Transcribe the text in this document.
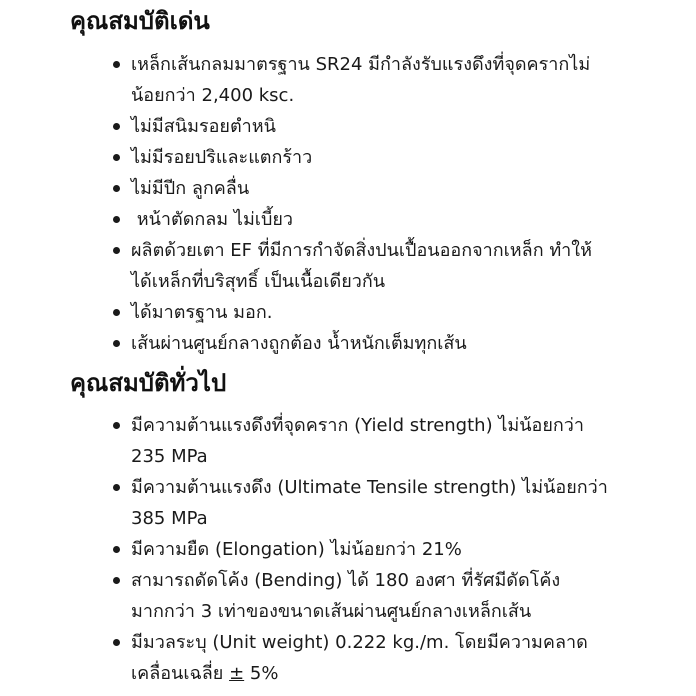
คุณสมบัติเด่น
เหล็กเส้นกลมมาตรฐาน SR24 มีกำลังรับแรงดึงที่จุดครากไม่
น้อยกว่า 2,400 ksc.
ไม่มีสนิมรอยตำหนิ
ไม่มีรอยปริและแตกร้าว
ไม่มีปีก ลูกคลื่น
หน้าตัดกลม ไม่เบี้ยว
ผลิตด้วยเตา EF ที่มีการกำจัดสิ่งปนเปื้อนออกจากเหล็ก ทำให้
ได้เหล็กที่บริสุทธิ์ เป็นเนื้อเดียวกัน
ได้มาตรฐาน มอก.
เส้นผ่านศูนย์กลางถูกต้อง น้ำหนักเต็มทุกเส้น
คุณสมบัติทั่วไป
มีความต้านแรงดึงที่จุดคราก (Yield strength) ไม่น้อยกว่า
235 MPa
มีความต้านแรงดึง (Ultimate Tensile strength) ไม่น้อยกว่า
385 MPa
มีความยืด (Elongation) ไม่น้อยกว่า 21%
สามารถดัดโค้ง (Bending) ได้ 180 องศา ที่รัศมีดัดโค้ง
มากกว่า 3 เท่าของขนาดเส้นผ่านศูนย์กลางเหล็กเส้น
มีมวลระบุ (Unit weight) 0.222 kg./m. โดยมีความคลาด
เคลื่อนเฉลี่ย ± 5%
